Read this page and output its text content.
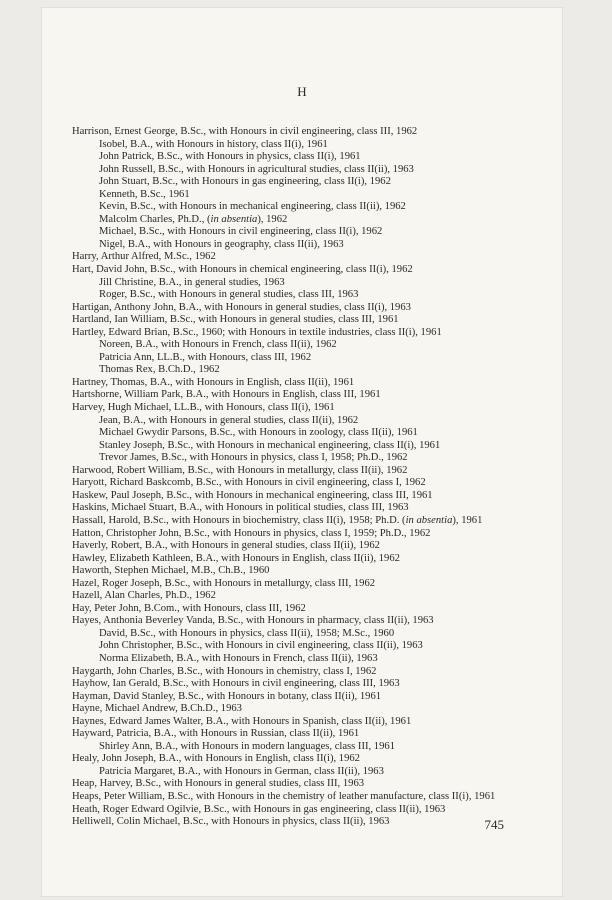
H
Harrison, Ernest George, B.Sc., with Honours in civil engineering, class III, 1962
Isobel, B.A., with Honours in history, class II(i), 1961
John Patrick, B.Sc., with Honours in physics, class II(i), 1961
John Russell, B.Sc., with Honours in agricultural studies, class II(ii), 1963
John Stuart, B.Sc., with Honours in gas engineering, class II(i), 1962
Kenneth, B.Sc., 1961
Kevin, B.Sc., with Honours in mechanical engineering, class II(ii), 1962
Malcolm Charles, Ph.D., (in absentia), 1962
Michael, B.Sc., with Honours in civil engineering, class II(i), 1962
Nigel, B.A., with Honours in geography, class II(ii), 1963
Harry, Arthur Alfred, M.Sc., 1962
Hart, David John, B.Sc., with Honours in chemical engineering, class II(i), 1962
Jill Christine, B.A., in general studies, 1963
Roger, B.Sc., with Honours in general studies, class III, 1963
Hartigan, Anthony John, B.A., with Honours in general studies, class II(i), 1963
Hartland, Ian William, B.Sc., with Honours in general studies, class III, 1961
Hartley, Edward Brian, B.Sc., 1960; with Honours in textile industries, class II(i), 1961
Noreen, B.A., with Honours in French, class II(ii), 1962
Patricia Ann, LL.B., with Honours, class III, 1962
Thomas Rex, B.Ch.D., 1962
Hartney, Thomas, B.A., with Honours in English, class II(ii), 1961
Hartshorne, William Park, B.A., with Honours in English, class III, 1961
Harvey, Hugh Michael, LL.B., with Honours, class II(i), 1961
Jean, B.A., with Honours in general studies, class II(ii), 1962
Michael Gwydir Parsons, B.Sc., with Honours in zoology, class II(ii), 1961
Stanley Joseph, B.Sc., with Honours in mechanical engineering, class II(i), 1961
Trevor James, B.Sc., with Honours in physics, class I, 1958; Ph.D., 1962
Harwood, Robert William, B.Sc., with Honours in metallurgy, class II(ii), 1962
Haryott, Richard Baskcomb, B.Sc., with Honours in civil engineering, class I, 1962
Haskew, Paul Joseph, B.Sc., with Honours in mechanical engineering, class III, 1961
Haskins, Michael Stuart, B.A., with Honours in political studies, class III, 1963
Hassall, Harold, B.Sc., with Honours in biochemistry, class II(i), 1958; Ph.D. (in absentia), 1961
Hatton, Christopher John, B.Sc., with Honours in physics, class I, 1959; Ph.D., 1962
Haverly, Robert, B.A., with Honours in general studies, class II(ii), 1962
Hawley, Elizabeth Kathleen, B.A., with Honours in English, class II(ii), 1962
Haworth, Stephen Michael, M.B., Ch.B., 1960
Hazel, Roger Joseph, B.Sc., with Honours in metallurgy, class III, 1962
Hazell, Alan Charles, Ph.D., 1962
Hay, Peter John, B.Com., with Honours, class III, 1962
Hayes, Anthonia Beverley Vanda, B.Sc., with Honours in pharmacy, class II(ii), 1963
David, B.Sc., with Honours in physics, class II(ii), 1958; M.Sc., 1960
John Christopher, B.Sc., with Honours in civil engineering, class II(ii), 1963
Norma Elizabeth, B.A., with Honours in French, class II(ii), 1963
Haygarth, John Charles, B.Sc., with Honours in chemistry, class I, 1962
Hayhow, Ian Gerald, B.Sc., with Honours in civil engineering, class III, 1963
Hayman, David Stanley, B.Sc., with Honours in botany, class II(ii), 1961
Hayne, Michael Andrew, B.Ch.D., 1963
Haynes, Edward James Walter, B.A., with Honours in Spanish, class II(ii), 1961
Hayward, Patricia, B.A., with Honours in Russian, class II(ii), 1961
Shirley Ann, B.A., with Honours in modern languages, class III, 1961
Healy, John Joseph, B.A., with Honours in English, class II(i), 1962
Patricia Margaret, B.A., with Honours in German, class II(ii), 1963
Heap, Harvey, B.Sc., with Honours in general studies, class III, 1963
Heaps, Peter William, B.Sc., with Honours in the chemistry of leather manufacture, class II(i), 1961
Heath, Roger Edward Ogilvie, B.Sc., with Honours in gas engineering, class II(ii), 1963
Helliwell, Colin Michael, B.Sc., with Honours in physics, class II(ii), 1963	745
